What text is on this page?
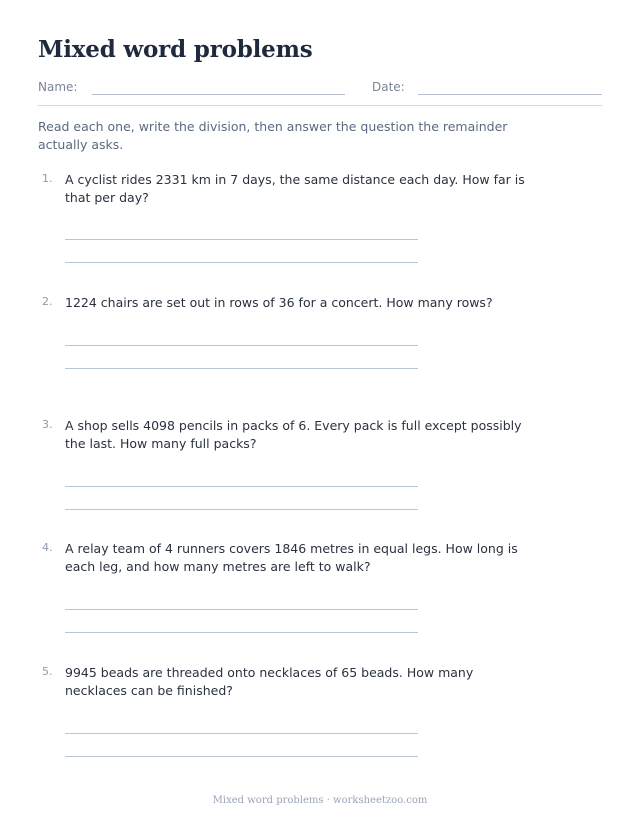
Mixed word problems
Name:	Date:
Read each one, write the division, then answer the question the remainder actually asks.
1. A cyclist rides 2331 km in 7 days, the same distance each day. How far is that per day?
2. 1224 chairs are set out in rows of 36 for a concert. How many rows?
3. A shop sells 4098 pencils in packs of 6. Every pack is full except possibly the last. How many full packs?
4. A relay team of 4 runners covers 1846 metres in equal legs. How long is each leg, and how many metres are left to walk?
5. 9945 beads are threaded onto necklaces of 65 beads. How many necklaces can be finished?
Mixed word problems · worksheetzoo.com
